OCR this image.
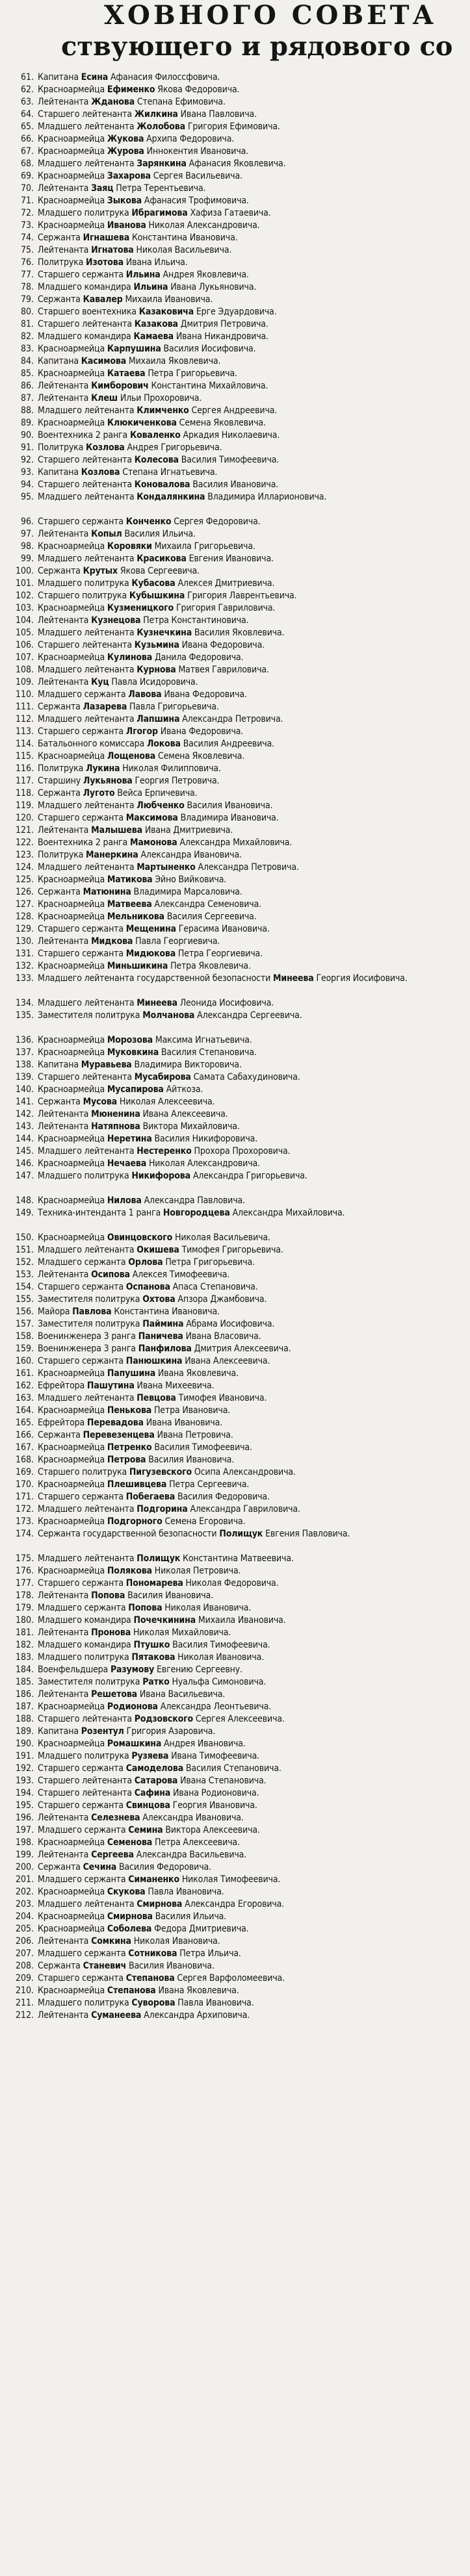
ХОВНОГО СОВЕТА
ствующего и рядового со
61. Капитана Есина Афанасия Филоссфовича.
62. Красноармейца Ефименко Якова Федоровича.
63. Лейтенанта Жданова Степана Ефимовича.
64. Старшего лейтенанта Жилкина Ивана Павловича.
65. Младшего лейтенанта Жолобова Григория Ефимовича.
66. Красноармейца Жукова Архипа Федоровича.
67. Красноармейца Журова Иннокентия Ивановича.
68. Младшего лейтенанта Зарянкина Афанасия Яковлевича.
69. Красноармейца Захарова Сергея Васильевича.
70. Лейтенанта Заяц Петра Терентьевича.
71. Красноармейца Зыкова Афанасия Трофимовича.
72. Младшего политрука Ибрагимова Хафиза Гатаевича.
73. Красноармейца Иванова Николая Александровича.
74. Сержанта Игнашева Константина Ивановича.
75. Лейтенанта Игнатова Николая Васильевича.
76. Политрука Изотова Ивана Ильича.
77. Старшего сержанта Ильина Андрея Яковлевича.
78. Младшего командира Ильина Ивана Лукьяновича.
79. Сержанта Кавалер Михаила Ивановича.
80. Старшего воентехника Казаковича Ерге Эдуардовича.
81. Старшего лейтенанта Казакова Дмитрия Петровича.
82. Младшего командира Камаева Ивана Никандровича.
83. Красноармейца Карпушина Василия Иосифовича.
84. Капитана Касимова Михаила Яковлевича.
85. Красноармейца Катаева Петра Григорьевича.
86. Лейтенанта Кимборович Константина Михайловича.
87. Лейтенанта Клеш Ильи Прохоровича.
88. Младшего лейтенанта Климченко Сергея Андреевича.
89. Красноармейца Клюкиченкова Семена Яковлевича.
90. Воентехника 2 ранга Коваленко Аркадия Николаевича.
91. Политрука Козлова Андрея Григорьевича.
92. Старшего лейтенанта Колесова Василия Тимофеевича.
93. Капитана Козлова Степана Игнатьевича.
94. Старшего лейтенанта Коноваловa Василия Ивановича.
95. Младшего лейтенанта Кондалянкина Владимира Илларионовича.
96. Старшего сержанта Конченко Сергея Федоровича.
97. Лейтенанта Копыл Василия Ильича.
98. Красноармейца Коровяки Михаила Григорьевича.
99. Младшего лейтенанта Красикова Евгения Ивановича.
100. Сержанта Крутых Якова Сергеевича.
101. Младшего политрука Кубасова Алексея Дмитриевича.
102. Старшего политрука Кубышкина Григория Лаврентьевича.
103. Красноармейца Кузменицкого Григория Гавриловича.
104. Лейтенанта Кузнецова Петра Константиновича.
105. Младшего лейтенанта Кузнечкина Василия Яковлевича.
106. Старшего лейтенанта Кузьмина Ивана Федоровича.
107. Красноармейца Кулинова Данила Федоровича.
108. Младшего лейтенанта Курнова Матвея Гавриловича.
109. Лейтенанта Куц Павла Исидоровича.
110. Младшего сержанта Лавова Ивана Федоровича.
111. Сержанта Лазарева Павла Григорьевича.
112. Младшего лейтенанта Лапшина Александра Петровича.
113. Старшего сержанта Лгогор Ивана Федоровича.
114. Батальонного комиссара Локова Василия Андреевича.
115. Красноармейца Лощенова Семена Яковлевича.
116. Политрука Лукина Николая Филипповича.
117. Старшину Лукьянова Георгия Петровича.
118. Сержанта Лугото Вейса Ерпичевича.
119. Младшего лейтенанта Любченко Василия Ивановича.
120. Старшего сержанта Максимова Владимира Ивановича.
121. Лейтенанта Малышева Ивана Дмитриевича.
122. Воентехника 2 ранга Мамонова Александра Михайловича.
123. Политрука Манеркина Александра Ивановича.
124. Младшего лейтенанта Мартыненко Александра Петровича.
125. Красноармейца Матикова Эйно Вийковича.
126. Сержанта Матюнина Владимира Марсаловича.
127. Красноармейца Матвеева Александра Семеновича.
128. Красноармейца Мельникова Василия Сергеевича.
129. Старшего сержанта Мещенина Герасима Ивановича.
130. Лейтенанта Мидкова Павла Георгиевича.
131. Старшего сержанта Мидюкова Петра Георгиевича.
132. Красноармейца Миньшикина Петра Яковлевича.
133. Младшего лейтенанта государственной безопасности Минеева Георгия Иосифовича.
134. Младшего лейтенанта Минеева Леонида Иосифовича.
135. Заместителя политрука Молчанова Александра Сергеевича.
136. Красноармейца Морозова Максима Игнатьевича.
137. Красноармейца Муковкина Василия Степановича.
138. Капитана Муравьева Владимира Викторовича.
139. Старшего лейтенанта Мусабирова Самата Сабахудиновича.
140. Красноармейца Мусапирова Айткоза.
141. Сержанта Мусова Николая Алексеевича.
142. Лейтенанта Мюненина Ивана Алексеевича.
143. Лейтенанта Натяпнова Виктора Михайловича.
144. Красноармейца Неретина Василия Никифоровича.
145. Младшего лейтенанта Нестеренко Прохора Прохоровича.
146. Красноармейца Нечаева Николая Александровича.
147. Младшего политрука Никифорова Александра Григорьевича.
148. Красноармейца Нилова Александра Павловича.
149. Техника-интенданта 1 ранга Новгородцева Александра Михайловича.
150. Красноармейца Овинцовского Николая Васильевича.
151. Младшего лейтенанта Окишева Тимофея Григорьевича.
152. Младшего сержанта Орлова Петра Григорьевича.
153. Лейтенанта Осипова Алексея Тимофеевича.
154. Старшего сержанта Оспанова Апаса Степановича.
155. Заместителя политрука Охтова Апзора Джамбовича.
156. Майора Павлова Константина Ивановича.
157. Заместителя политрука Паймина Абрама Иосифовича.
158. Военинженера 3 ранга Паничева Ивана Власовича.
159. Военинженера 3 ранга Панфилова Дмитрия Алексеевича.
160. Старшего сержанта Панюшкина Ивана Алексеевича.
161. Красноармейца Папушина Ивана Яковлевича.
162. Ефрейтора Пашутина Ивана Михеевича.
163. Младшего лейтенанта Певцова Тимофея Ивановича.
164. Красноармейца Пеньковa Петра Ивановича.
165. Ефрейтора Перевадова Ивана Ивановича.
166. Сержанта Перевезенцева Ивана Петровича.
167. Красноармейца Петренко Василия Тимофеевича.
168. Красноармейца Петрова Василия Ивановича.
169. Старшего политрука Пигузевского Осипа Александровича.
170. Красноармейца Плешивцева Петра Сергеевича.
171. Старшего сержанта Побегаева Василия Федоровича.
172. Младшего лейтенанта Подгорина Александра Гавриловича.
173. Красноармейца Подгорного Семена Егоровича.
174. Сержанта государственной безопасности Полищук Евгения Павловича.
175. Младшего лейтенанта Полищук Константина Матвеевича.
176. Красноармейца Полякова Николая Петровича.
177. Старшего сержанта Пономарева Николая Федоровича.
178. Лейтенанта Попова Василия Ивановича.
179. Младшего сержанта Попова Николая Ивановича.
180. Младшего командира Почечкинина Михаила Ивановича.
181. Лейтенанта Пронова Николая Михайловича.
182. Младшего командира Птушко Василия Тимофеевича.
183. Младшего политрука Пятакова Николая Ивановича.
184. Военфельдшера Разумову Евгению Сергеевну.
185. Заместителя политрука Ратко Нуальфа Симоновича.
186. Лейтенанта Решетова Ивана Васильевича.
187. Красноармейца Родионова Александра Леонтьевича.
188. Старшего лейтенанта Родзовского Сергея Алексеевича.
189. Капитана Розентул Григория Азаровича.
190. Красноармейца Ромашкина Андрея Ивановича.
191. Младшего политрука Рузяева Ивана Тимофеевича.
192. Старшего сержанта Самоделова Василия Степановича.
193. Старшего лейтенанта Сатарова Ивана Степановича.
194. Старшего лейтенанта Сафина Ивана Родионовича.
195. Старшего сержанта Свинцова Георгия Ивановича.
196. Лейтенанта Селезнева Александра Ивановича.
197. Младшего сержанта Семина Виктора Алексеевича.
198. Красноармейца Семенова Петра Алексеевича.
199. Лейтенанта Сергеева Александра Васильевича.
200. Сержанта Сечина Василия Федоровича.
201. Младшего сержанта Симаненко Николая Тимофеевича.
202. Красноармейца Скукова Павла Ивановича.
203. Младшего лейтенанта Смирнова Александра Егоровича.
204. Красноармейца Смирнова Василия Ильича.
205. Красноармейца Соболева Федора Дмитриевича.
206. Лейтенанта Сомкина Николая Ивановича.
207. Младшего сержанта Сотникова Петра Ильича.
208. Сержанта Станевич Василия Ивановича.
209. Старшего сержанта Степанова Сергея Варфоломеевича.
210. Красноармейца Степанова Ивана Яковлевича.
211. Младшего политрука Суворова Павла Ивановича.
212. Лейтенанта Суманеева Александра Архиповича.
